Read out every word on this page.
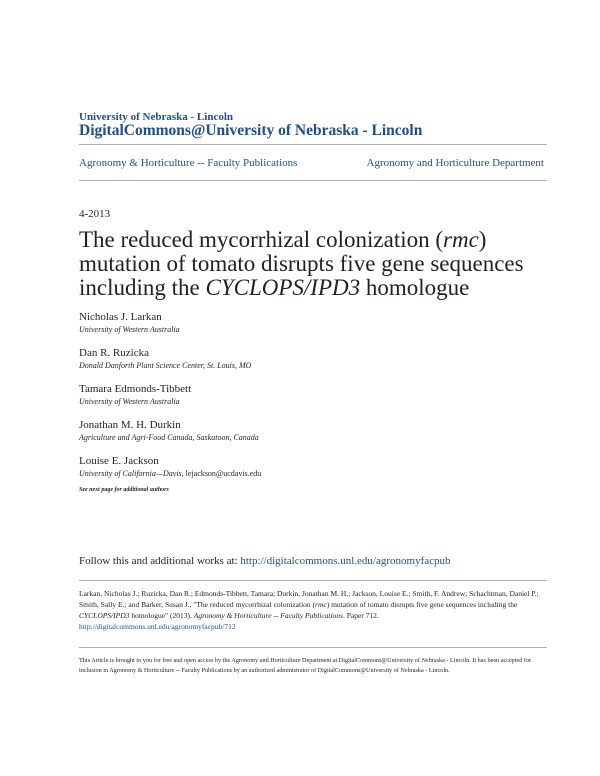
University of Nebraska - Lincoln
DigitalCommons@University of Nebraska - Lincoln
Agronomy & Horticulture -- Faculty Publications	Agronomy and Horticulture Department
4-2013
The reduced mycorrhizal colonization (rmc) mutation of tomato disrupts five gene sequences including the CYCLOPS/IPD3 homologue
Nicholas J. Larkan
University of Western Australia
Dan R. Ruzicka
Donald Danforth Plant Science Center, St. Louis, MO
Tamara Edmonds-Tibbett
University of Western Australia
Jonathan M. H. Durkin
Agriculture and Agri-Food Canada, Saskatoon, Canada
Louise E. Jackson
University of California—Davis, lejackson@ucdavis.edu
See next page for additional authors
Follow this and additional works at: http://digitalcommons.unl.edu/agronomyfacpub
Larkan, Nicholas J.; Ruzicka, Dan R.; Edmonds-Tibbett, Tamara; Durkin, Jonathan M. H.; Jackson, Louise E.; Smith, F. Andrew; Schachtman, Daniel P.; Smith, Sally E.; and Barker, Susan J., "The reduced mycorrhizal colonization (rmc) mutation of tomato disrupts five gene sequences including the CYCLOPS/IPD3 homologue" (2013). Agronomy & Horticulture -- Faculty Publications. Paper 712.
http://digitalcommons.unl.edu/agronomyfacpub/712
This Article is brought to you for free and open access by the Agronomy and Horticulture Department at DigitalCommons@University of Nebraska - Lincoln. It has been accepted for inclusion in Agronomy & Horticulture -- Faculty Publications by an authorized administrator of DigitalCommons@University of Nebraska - Lincoln.
